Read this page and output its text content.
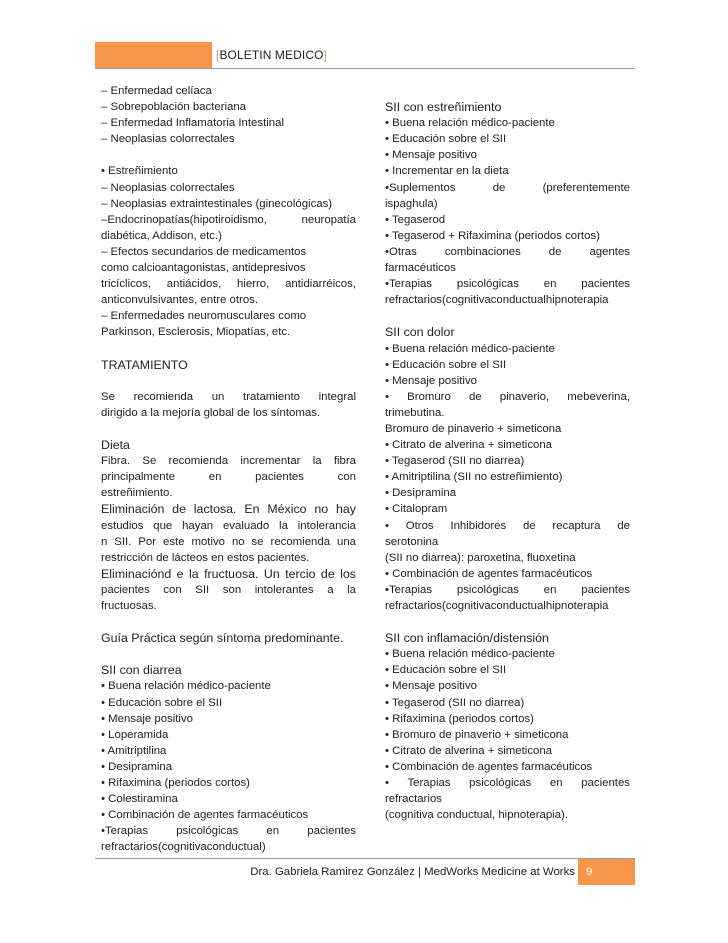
[BOLETIN MEDICO]
– Enfermedad celíaca
– Sobrepoblación bacteriana
– Enfermedad Inflamatoria Intestinal
– Neoplasias colorrectales
• Estreñimiento
– Neoplasias colorrectales
– Neoplasias extraintestinales (ginecológicas)
–Endocrinopatías(hipotiroidismo, neuropatía
diabética, Addison, etc.)
– Efectos secundarios de medicamentos
como calcioantagonistas, antidepresivos
tricíclicos, antiácidos, hierro, antidiarréicos,
anticonvulsivantes, entre otros.
– Enfermedades neuromusculares como
Parkinson, Esclerosis, Miopatías, etc.
TRATAMIENTO
Se recomienda un tratamiento integral
dirigido a la mejoría global de los síntomas.
Dieta
Fibra. Se recomienda incrementar la fibra
principalmente en pacientes con
estreñimiento.
Eliminación de lactosa. En México no hay
estudios que hayan evaluado la intolerancia
n SII. Por este motivo no se recomienda una
restricción de lácteos en estos pacientes.
Eliminaciónd e la fructuosa. Un tercio de los
pacientes con SII son intolerantes a la
fructuosas.
Guía Práctica según síntoma predominante.
SII con diarrea
• Buena relación médico-paciente
• Educación sobre el SII
• Mensaje positivo
• Loperamida
• Amitriptilina
• Desipramina
• Rifaximina (periodos cortos)
• Colestiramina
• Combinación de agentes farmacéuticos
•Terapias psicológicas en pacientes
refractarios(cognitivaconductual)
SII con estreñimiento
• Buena relación médico-paciente
• Educación sobre el SII
• Mensaje positivo
• Incrementar en la dieta
•Suplementos de (preferentemente
ispaghula)
• Tegaserod
• Tegaserod + Rifaximina (periodos cortos)
•Otras combinaciones de agentes
farmacéuticos
•Terapias psicológicas en pacientes
refractarios(cognitivaconductualhipnoterapia
SII con dolor
• Buena relación médico-paciente
• Educación sobre el SII
• Mensaje positivo
• Bromuro de pinaverio, mebeverina,
trimebutina.
Bromuro de pinaverio + simeticona
• Citrato de alverina + simeticona
• Tegaserod (SII no diarrea)
• Amitriptilina (SII no estreñimiento)
• Desipramina
• Citalopram
• Otros Inhibidores de recaptura de
serotonina
(SII no diarrea): paroxetina, fluoxetina
• Combinación de agentes farmacéuticos
•Terapias psicológicas en pacientes
refractarios(cognitivaconductualhipnoterapia
SII con inflamación/distensión
• Buena relación médico-paciente
• Educación sobre el SII
• Mensaje positivo
• Tegaserod (SII no diarrea)
• Rifaximina (periodos cortos)
• Bromuro de pinaverio + simeticona
• Citrato de alverina + simeticona
• Combinación de agentes farmacéuticos
• Terapias psicológicas en pacientes
refractarios
(cognitiva conductual, hipnoterapia).
Dra. Gabriela Ramirez González | MedWorks Medicine at Works 9
